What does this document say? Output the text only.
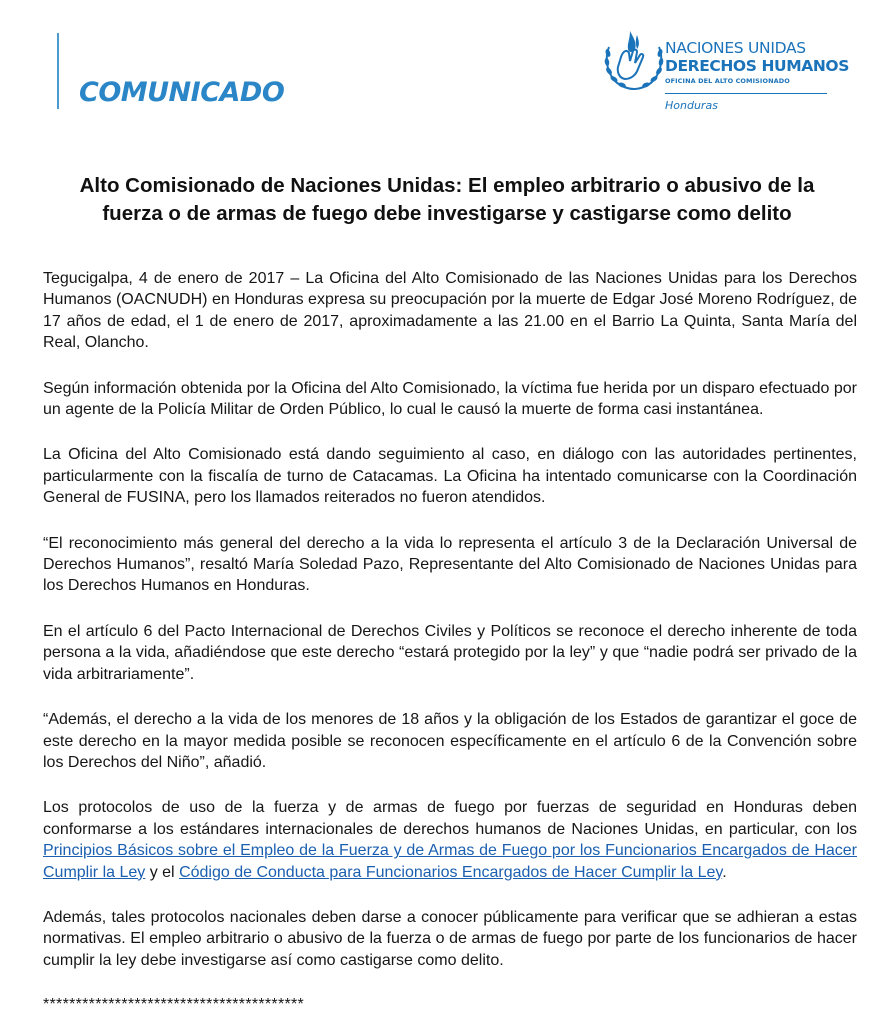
COMUNICADO
NACIONES UNIDAS
DERECHOS HUMANOS
OFICINA DEL ALTO COMISIONADO
Honduras
Alto Comisionado de Naciones Unidas: El empleo arbitrario o abusivo de la
fuerza o de armas de fuego debe investigarse y castigarse como delito

Tegucigalpa, 4 de enero de 2017 – La Oficina del Alto Comisionado de las Naciones Unidas para los Derechos Humanos (OACNUDH) en Honduras expresa su preocupación por la muerte de Edgar José Moreno Rodríguez, de 17 años de edad, el 1 de enero de 2017, aproximadamente a las 21.00 en el Barrio La Quinta, Santa María del Real, Olancho.

Según información obtenida por la Oficina del Alto Comisionado, la víctima fue herida por un disparo efectuado por un agente de la Policía Militar de Orden Público, lo cual le causó la muerte de forma casi instantánea.

La Oficina del Alto Comisionado está dando seguimiento al caso, en diálogo con las autoridades pertinentes, particularmente con la fiscalía de turno de Catacamas. La Oficina ha intentado comunicarse con la Coordinación General de FUSINA, pero los llamados reiterados no fueron atendidos.

“El reconocimiento más general del derecho a la vida lo representa el artículo 3 de la Declaración Universal de Derechos Humanos”, resaltó María Soledad Pazo, Representante del Alto Comisionado de Naciones Unidas para los Derechos Humanos en Honduras.

En el artículo 6 del Pacto Internacional de Derechos Civiles y Políticos se reconoce el derecho inherente de toda persona a la vida, añadiéndose que este derecho “estará protegido por la ley” y que “nadie podrá ser privado de la vida arbitrariamente”.

“Además, el derecho a la vida de los menores de 18 años y la obligación de los Estados de garantizar el goce de este derecho en la mayor medida posible se reconocen específicamente en el artículo 6 de la Convención sobre los Derechos del Niño”, añadió.

Los protocolos de uso de la fuerza y de armas de fuego por fuerzas de seguridad en Honduras deben conformarse a los estándares internacionales de derechos humanos de Naciones Unidas, en particular, con los Principios Básicos sobre el Empleo de la Fuerza y de Armas de Fuego por los Funcionarios Encargados de Hacer Cumplir la Ley y el Código de Conducta para Funcionarios Encargados de Hacer Cumplir la Ley.

Además, tales protocolos nacionales deben darse a conocer públicamente para verificar que se adhieran a estas normativas. El empleo arbitrario o abusivo de la fuerza o de armas de fuego por parte de los funcionarios de hacer cumplir la ley debe investigarse así como castigarse como delito.

****************************************
